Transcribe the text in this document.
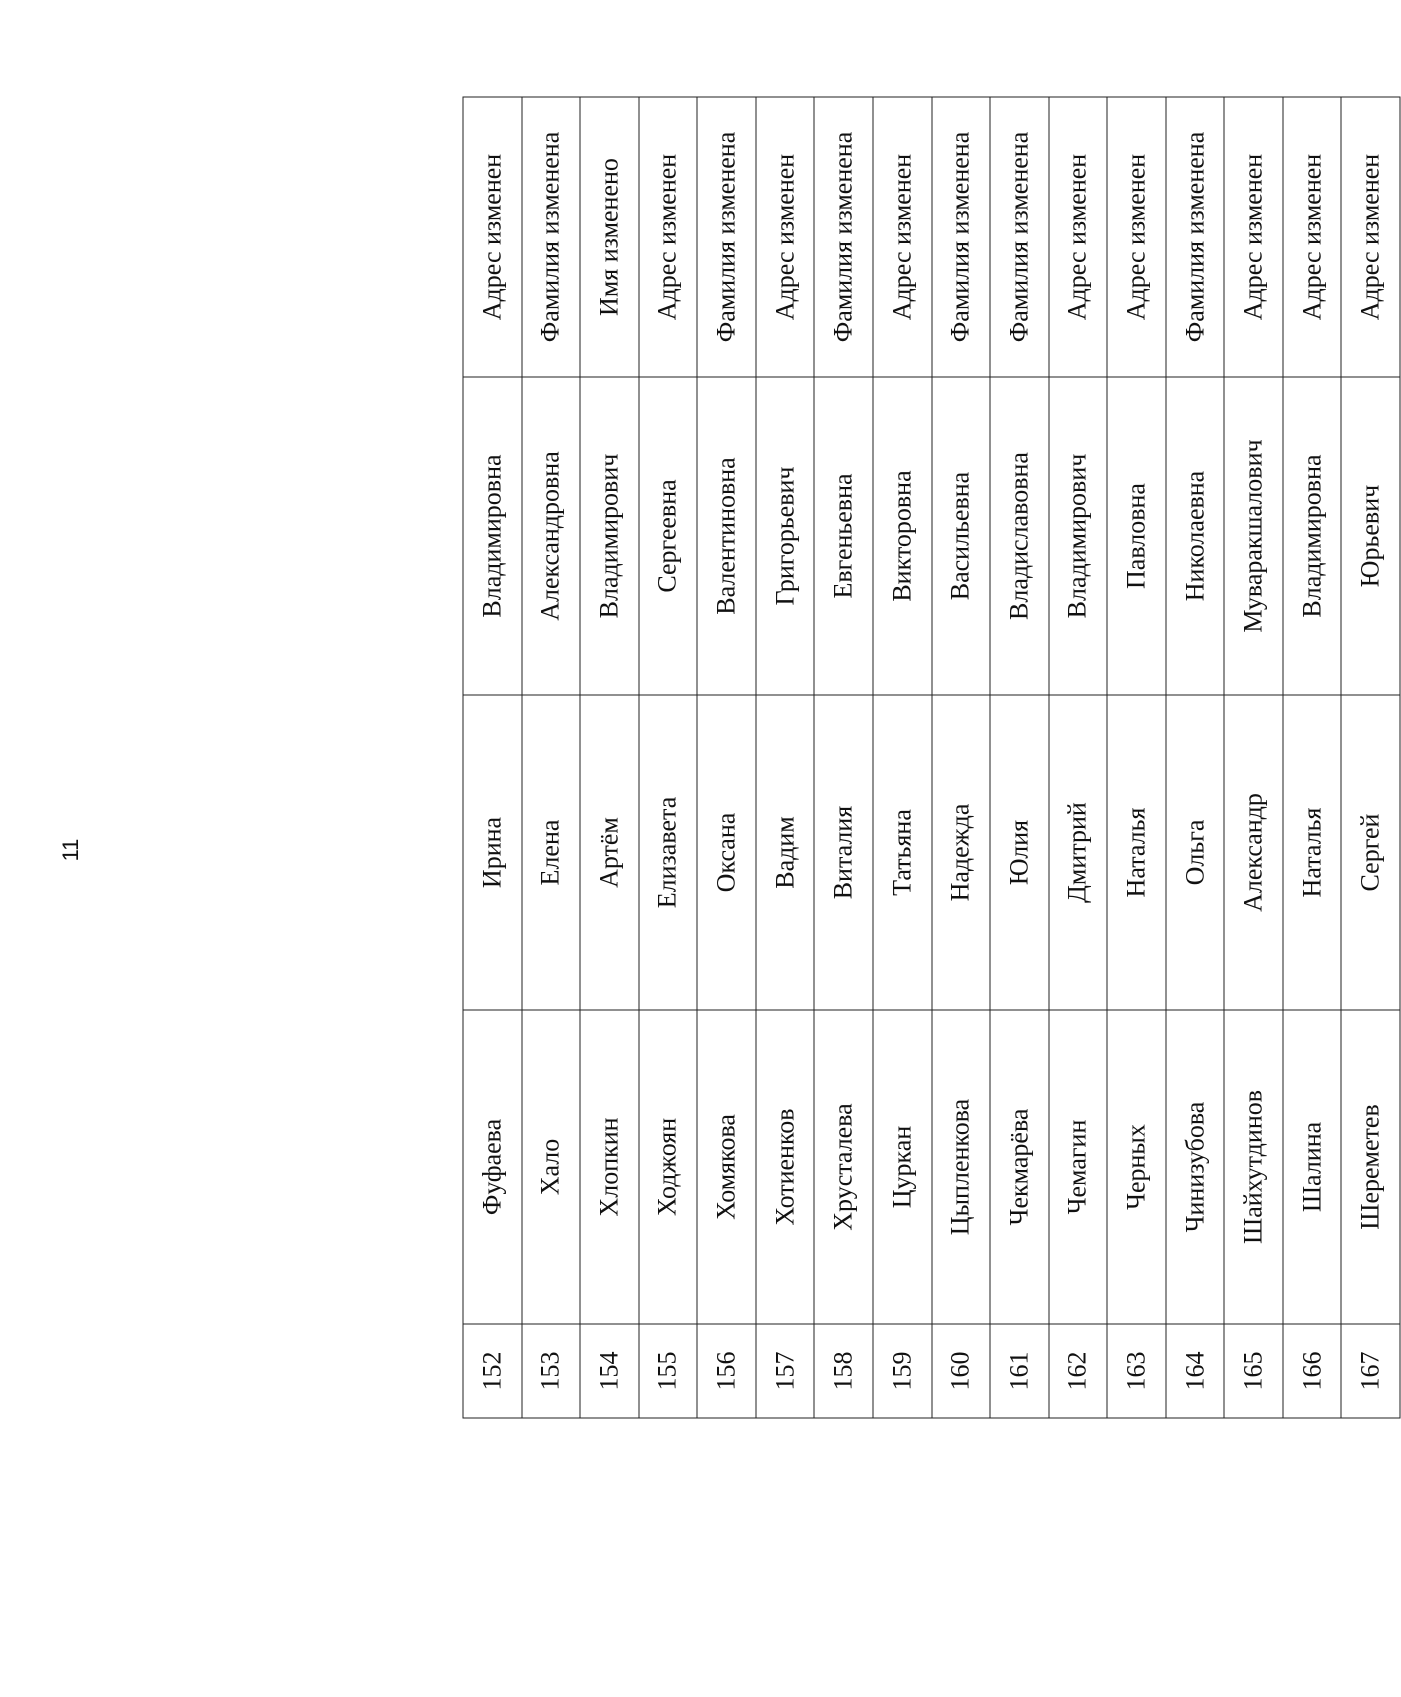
11
152	Фуфаева	Ирина	Владимировна	Адрес изменен
153	Хало	Елена	Александровна	Фамилия изменена
154	Хлопкин	Артём	Владимирович	Имя изменено
155	Ходжоян	Елизавета	Сергеевна	Адрес изменен
156	Хомякова	Оксана	Валентиновна	Фамилия изменена
157	Хотиенков	Вадим	Григорьевич	Адрес изменен
158	Хрусталева	Виталия	Евгеньевна	Фамилия изменена
159	Цуркан	Татьяна	Викторовна	Адрес изменен
160	Цыпленкова	Надежда	Васильевна	Фамилия изменена
161	Чекмарёва	Юлия	Владиславовна	Фамилия изменена
162	Чемагин	Дмитрий	Владимирович	Адрес изменен
163	Черных	Наталья	Павловна	Адрес изменен
164	Чинизубова	Ольга	Николаевна	Фамилия изменена
165	Шайхутдинов	Александр	Муваракшалович	Адрес изменен
166	Шалина	Наталья	Владимировна	Адрес изменен
167	Шереметев	Сергей	Юрьевич	Адрес изменен
